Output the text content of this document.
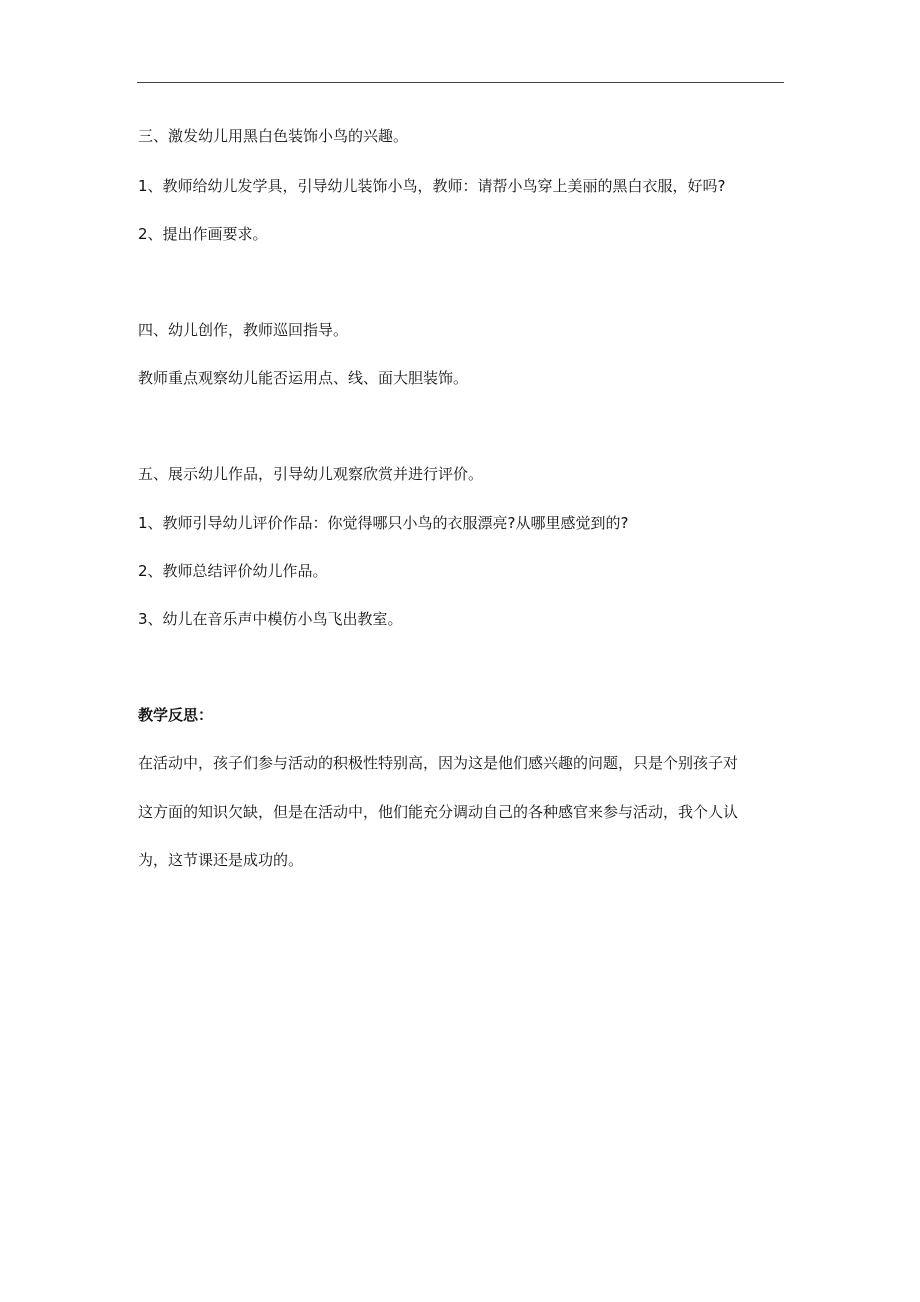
三、激发幼儿用黑白色装饰小鸟的兴趣。
1、教师给幼儿发学具，引导幼儿装饰小鸟，教师：请帮小鸟穿上美丽的黑白衣服，好吗?
2、提出作画要求。
四、幼儿创作，教师巡回指导。
教师重点观察幼儿能否运用点、线、面大胆装饰。
五、展示幼儿作品，引导幼儿观察欣赏并进行评价。
1、教师引导幼儿评价作品：你觉得哪只小鸟的衣服漂亮?从哪里感觉到的?
2、教师总结评价幼儿作品。
3、幼儿在音乐声中模仿小鸟飞出教室。
教学反思：
在活动中，孩子们参与活动的积极性特别高，因为这是他们感兴趣的问题，只是个别孩子对
这方面的知识欠缺，但是在活动中，他们能充分调动自己的各种感官来参与活动，我个人认
为，这节课还是成功的。
